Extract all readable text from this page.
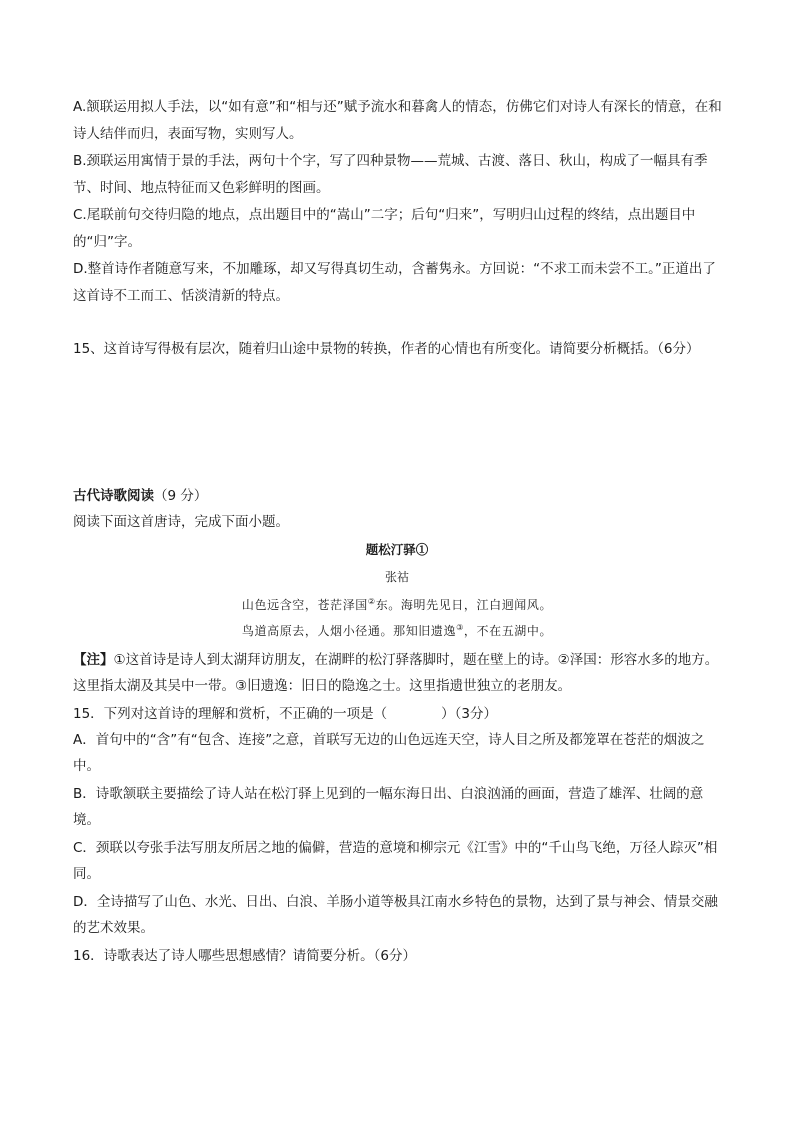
A.颔联运用拟人手法，以“如有意”和“相与还”赋予流水和暮禽人的情态，仿佛它们对诗人有深长的情意，在和诗人结伴而归，表面写物，实则写人。

B.颈联运用寓情于景的手法，两句十个字，写了四种景物——荒城、古渡、落日、秋山，构成了一幅具有季节、时间、地点特征而又色彩鲜明的图画。

C.尾联前句交待归隐的地点，点出题目中的“嵩山”二字；后句“归来”，写明归山过程的终结，点出题目中的“归”字。

D.整首诗作者随意写来，不加雕琢，却又写得真切生动，含蓄隽永。方回说：“不求工而未尝不工。”正道出了这首诗不工而工、恬淡清新的特点。

15、这首诗写得极有层次，随着归山途中景物的转换，作者的心情也有所变化。请简要分析概括。（6分）

古代诗歌阅读（9 分）

阅读下面这首唐诗，完成下面小题。

题松汀驿①

张祜

山色远含空，苍茫泽国②东。海明先见日，江白迥闻风。

鸟道高原去，人烟小径通。那知旧遗逸③，不在五湖中。

【注】①这首诗是诗人到太湖拜访朋友，在湖畔的松汀驿落脚时，题在壁上的诗。②泽国：形容水多的地方。这里指太湖及其吴中一带。③旧遗逸：旧日的隐逸之士。这里指遗世独立的老朋友。

15．下列对这首诗的理解和赏析，不正确的一项是（　　　　）（3分）

A．首句中的“含”有“包含、连接”之意，首联写无边的山色远连天空，诗人目之所及都笼罩在苍茫的烟波之中。

B．诗歌颔联主要描绘了诗人站在松汀驿上见到的一幅东海日出、白浪汹涌的画面，营造了雄浑、壮阔的意境。

C．颈联以夸张手法写朋友所居之地的偏僻，营造的意境和柳宗元《江雪》中的“千山鸟飞绝，万径人踪灭”相同。

D．全诗描写了山色、水光、日出、白浪、羊肠小道等极具江南水乡特色的景物，达到了景与神会、情景交融的艺术效果。

16．诗歌表达了诗人哪些思想感情？请简要分析。（6分）
